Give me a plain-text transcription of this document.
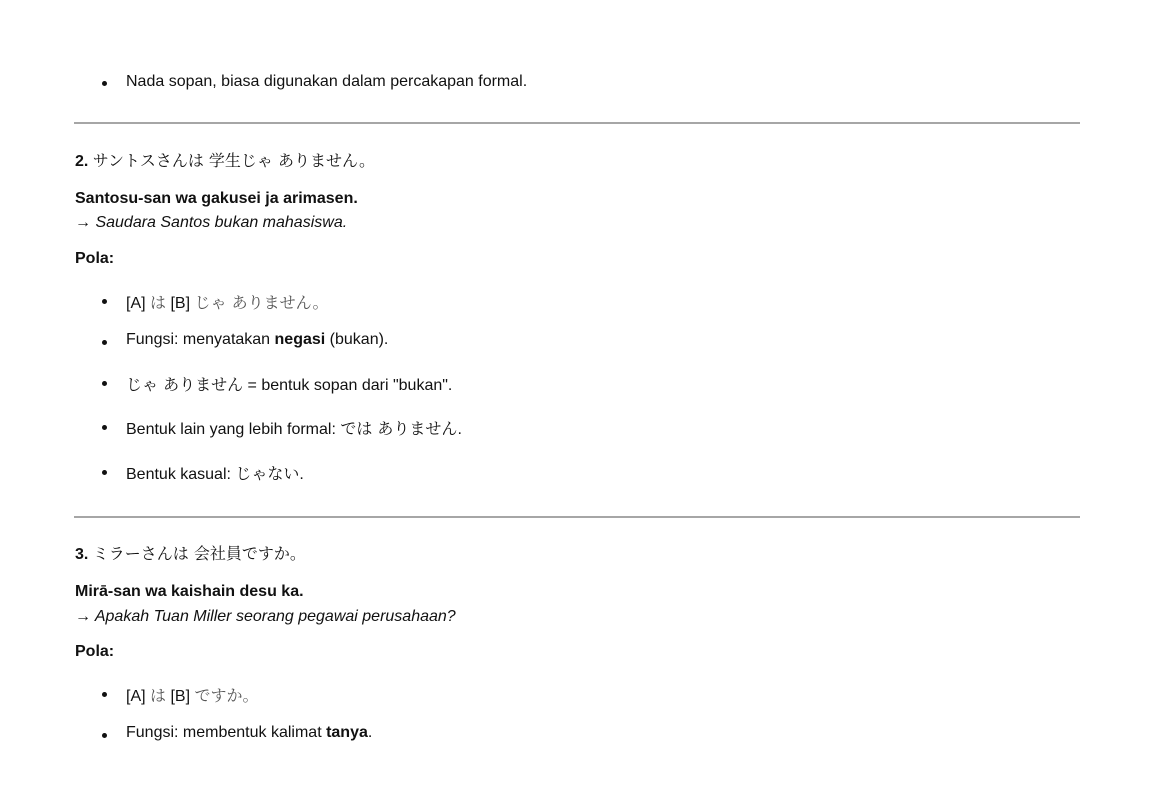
Nada sopan, biasa digunakan dalam percakapan formal.
2. サントスさんは 学生じゃ ありません。
Santosu-san wa gakusei ja arimasen.
→ Saudara Santos bukan mahasiswa.
Pola:
[A] は [B] じゃ ありません。
Fungsi: menyatakan negasi (bukan).
じゃ ありません = bentuk sopan dari "bukan".
Bentuk lain yang lebih formal: では ありません.
Bentuk kasual: じゃない.
3. ミラーさんは 会社員ですか。
Mirā-san wa kaishain desu ka.
→ Apakah Tuan Miller seorang pegawai perusahaan?
Pola:
[A] は [B] ですか。
Fungsi: membentuk kalimat tanya.
